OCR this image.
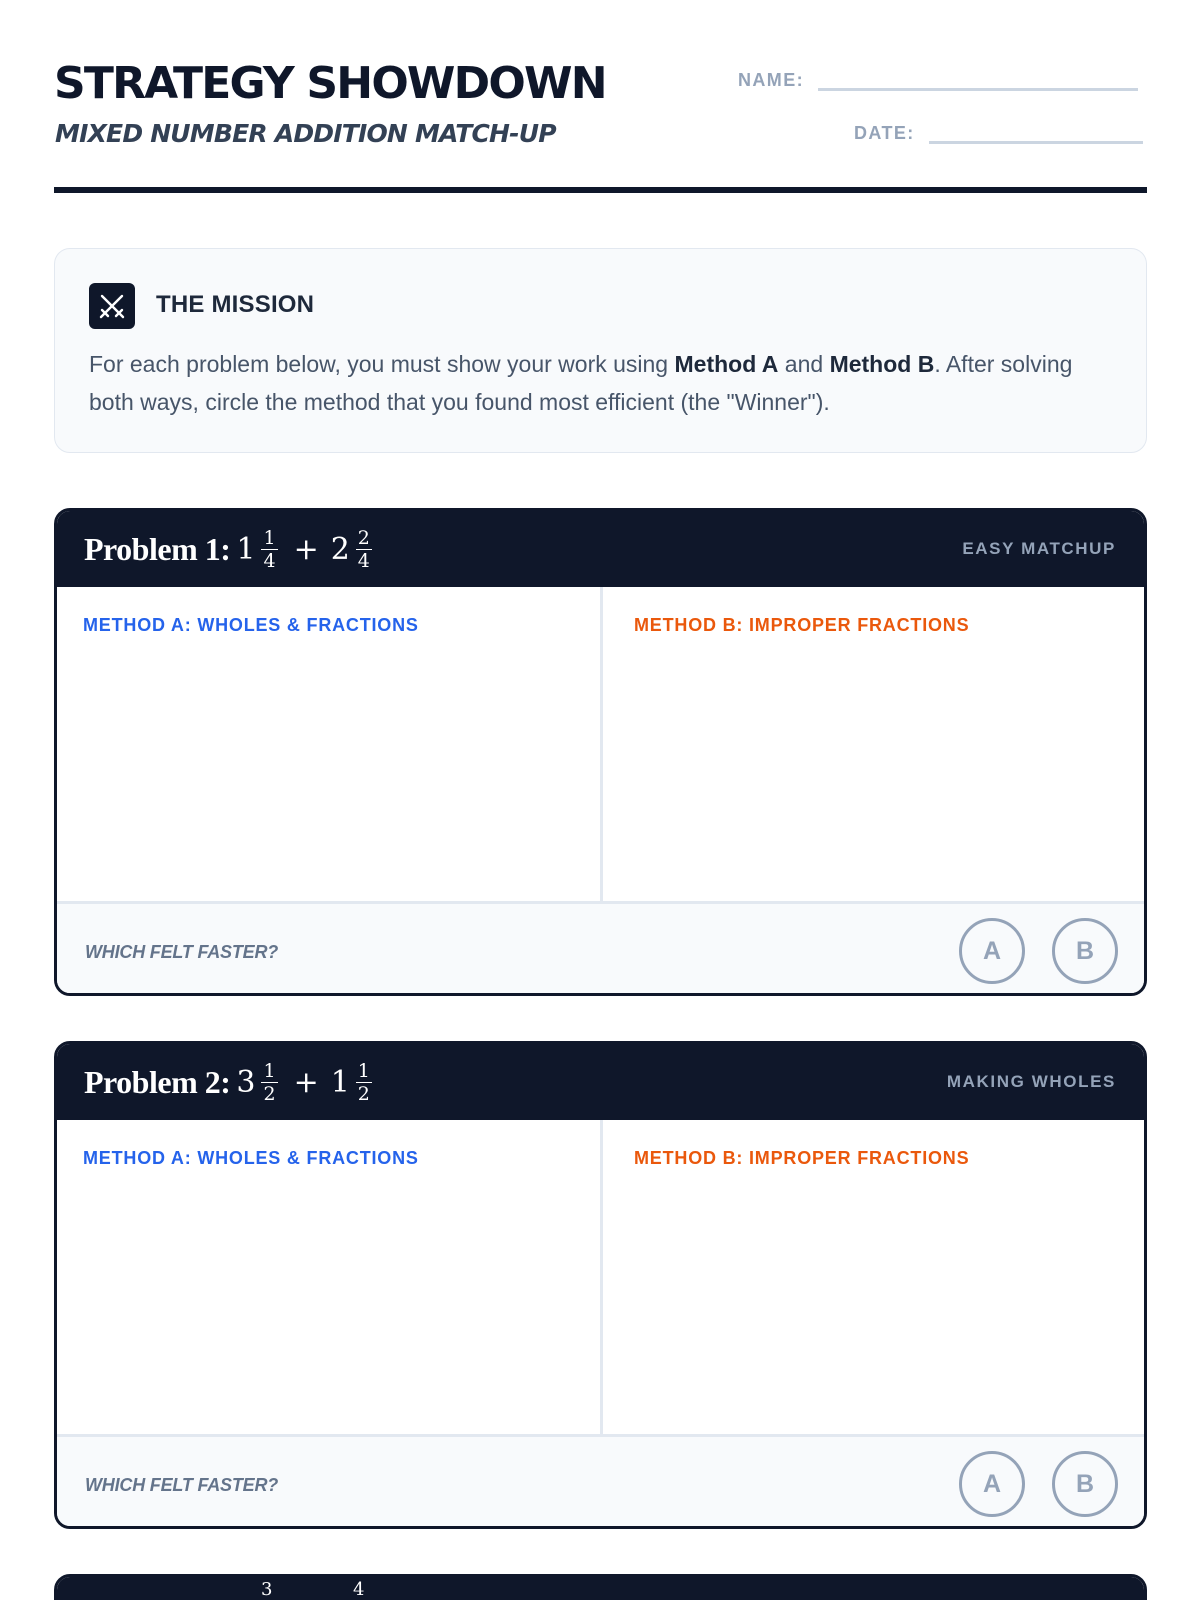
STRATEGY SHOWDOWN
MIXED NUMBER ADDITION MATCH-UP
NAME:
DATE:
THE MISSION
For each problem below, you must show your work using Method A and Method B. After solving both ways, circle the method that you found most efficient (the "Winner").
Problem 1: $1 \frac{1}{4} + 2 \frac{2}{4}$	EASY MATCHUP
METHOD A: WHOLES & FRACTIONS	METHOD B: IMPROPER FRACTIONS
WHICH FELT FASTER?	A	B
Problem 2: $3 \frac{1}{2} + 1 \frac{1}{2}$	MAKING WHOLES
METHOD A: WHOLES & FRACTIONS	METHOD B: IMPROPER FRACTIONS
WHICH FELT FASTER?	A	B
3	4
